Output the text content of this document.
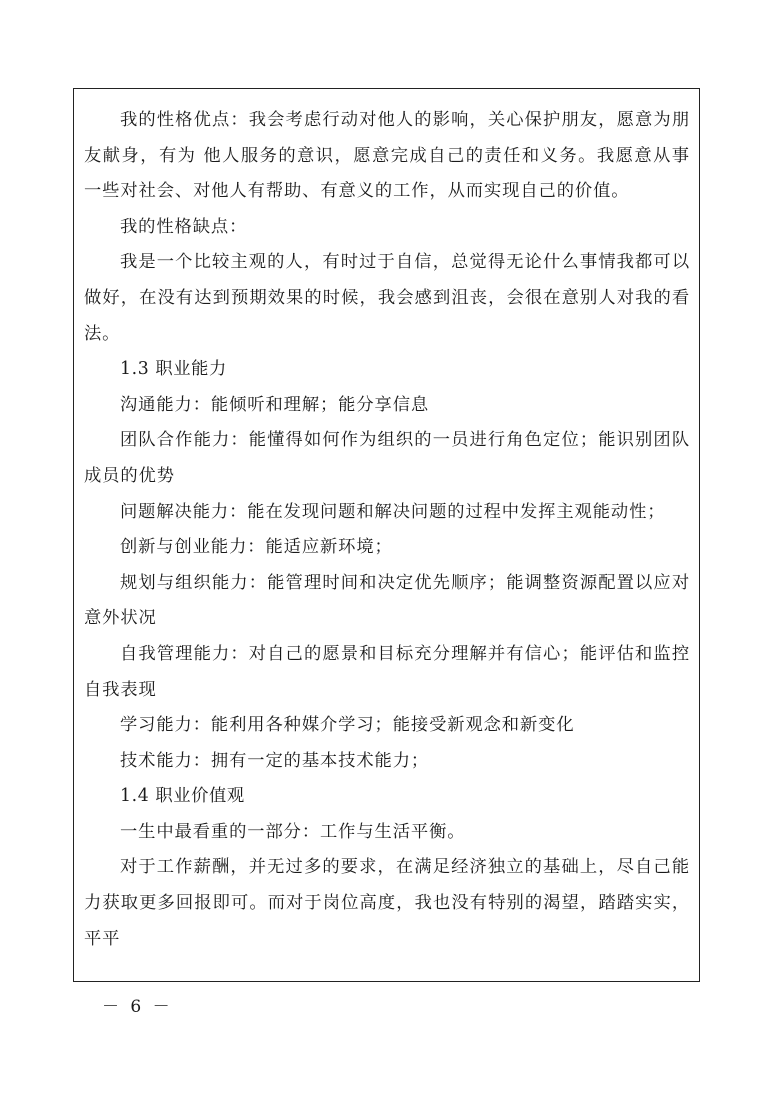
我的性格优点：我会考虑行动对他人的影响，关心保护朋友，愿意为朋友献身，有为 他人服务的意识，愿意完成自己的责任和义务。我愿意从事一些对社会、对他人有帮助、有意义的工作，从而实现自己的价值。

我的性格缺点：

我是一个比较主观的人，有时过于自信，总觉得无论什么事情我都可以做好，在没有达到预期效果的时候，我会感到沮丧，会很在意别人对我的看法。

1.3 职业能力

沟通能力：能倾听和理解；能分享信息

团队合作能力：能懂得如何作为组织的一员进行角色定位；能识别团队成员的优势

问题解决能力：能在发现问题和解决问题的过程中发挥主观能动性；

创新与创业能力：能适应新环境；

规划与组织能力：能管理时间和决定优先顺序；能调整资源配置以应对意外状况

自我管理能力：对自己的愿景和目标充分理解并有信心；能评估和监控自我表现

学习能力：能利用各种媒介学习；能接受新观念和新变化

技术能力：拥有一定的基本技术能力；

1.4 职业价值观

一生中最看重的一部分：工作与生活平衡。

对于工作薪酬，并无过多的要求，在满足经济独立的基础上，尽自己能力获取更多回报即可。而对于岗位高度，我也没有特别的渴望，踏踏实实，平平

－ 6 －
